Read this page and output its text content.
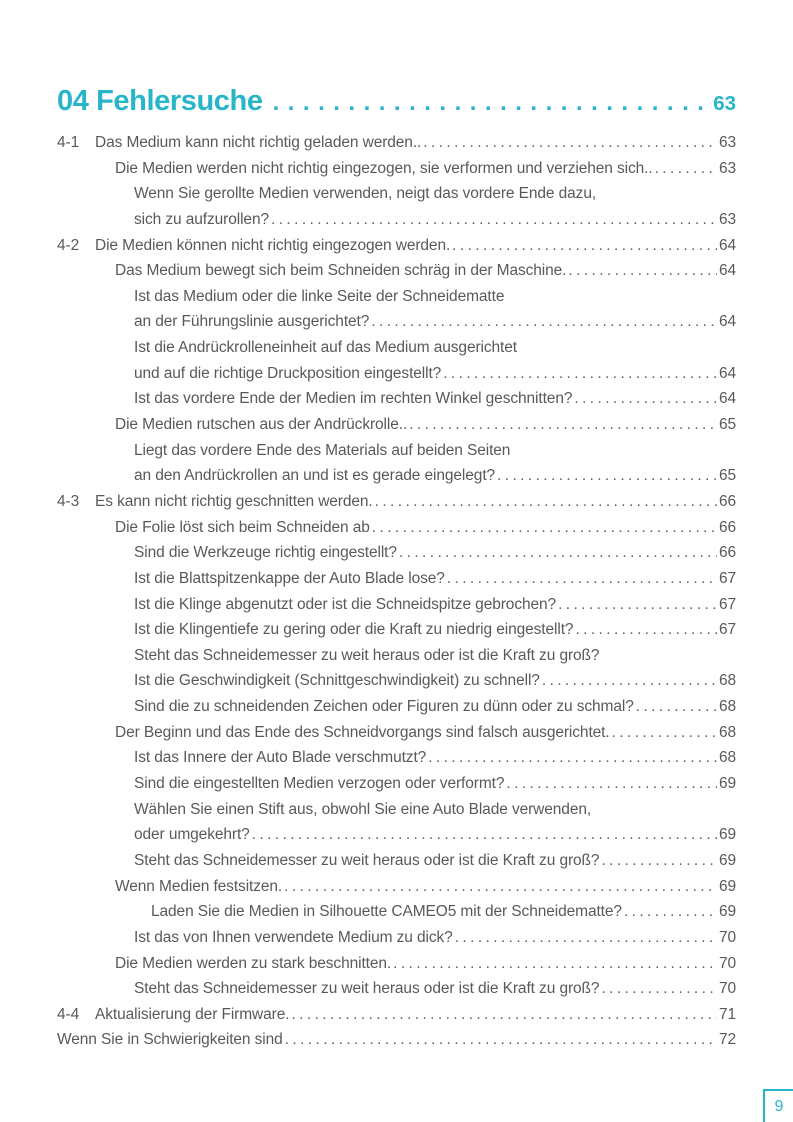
04 Fehlersuche .....	63
4-1	Das Medium kann nicht richtig geladen werden.. .....	63
Die Medien werden nicht richtig eingezogen, sie verformen und verziehen sich.. .....	63
Wenn Sie gerollte Medien verwenden, neigt das vordere Ende dazu,
sich zu aufzurollen? .....	63
4-2	Die Medien können nicht richtig eingezogen werden. .....	64
Das Medium bewegt sich beim Schneiden schräg in der Maschine. .....	64
Ist das Medium oder die linke Seite der Schneidematte
an der Führungslinie ausgerichtet? .....	64
Ist die Andrückrolleneinheit auf das Medium ausgerichtet
und auf die richtige Druckposition eingestellt? .....	64
Ist das vordere Ende der Medien im rechten Winkel geschnitten? .....	64
Die Medien rutschen aus der Andrückrolle.. .....	65
Liegt das vordere Ende des Materials auf beiden Seiten
an den Andrückrollen an und ist es gerade eingelegt? .....	65
4-3	Es kann nicht richtig geschnitten werden. .....	66
Die Folie löst sich beim Schneiden ab .....	66
Sind die Werkzeuge richtig eingestellt? .....	66
Ist die Blattspitzenkappe der Auto Blade lose? .....	67
Ist die Klinge abgenutzt oder ist die Schneidspitze gebrochen? .....	67
Ist die Klingentiefe zu gering oder die Kraft zu niedrig eingestellt? .....	67
Steht das Schneidemesser zu weit heraus oder ist die Kraft zu groß?
Ist die Geschwindigkeit (Schnittgeschwindigkeit) zu schnell? .....	68
Sind die zu schneidenden Zeichen oder Figuren zu dünn oder zu schmal? .....	68
Der Beginn und das Ende des Schneidvorgangs sind falsch ausgerichtet. .....	68
Ist das Innere der Auto Blade verschmutzt? .....	68
Sind die eingestellten Medien verzogen oder verformt? .....	69
Wählen Sie einen Stift aus, obwohl Sie eine Auto Blade verwenden,
oder umgekehrt? .....	69
Steht das Schneidemesser zu weit heraus oder ist die Kraft zu groß? .....	69
Wenn Medien festsitzen. .....	69
Laden Sie die Medien in Silhouette CAMEO5 mit der Schneidematte? .....	69
Ist das von Ihnen verwendete Medium zu dick? .....	70
Die Medien werden zu stark beschnitten. .....	70
Steht das Schneidemesser zu weit heraus oder ist die Kraft zu groß? .....	70
4-4	Aktualisierung der Firmware. .....	71
Wenn Sie in Schwierigkeiten sind .....	72
9
